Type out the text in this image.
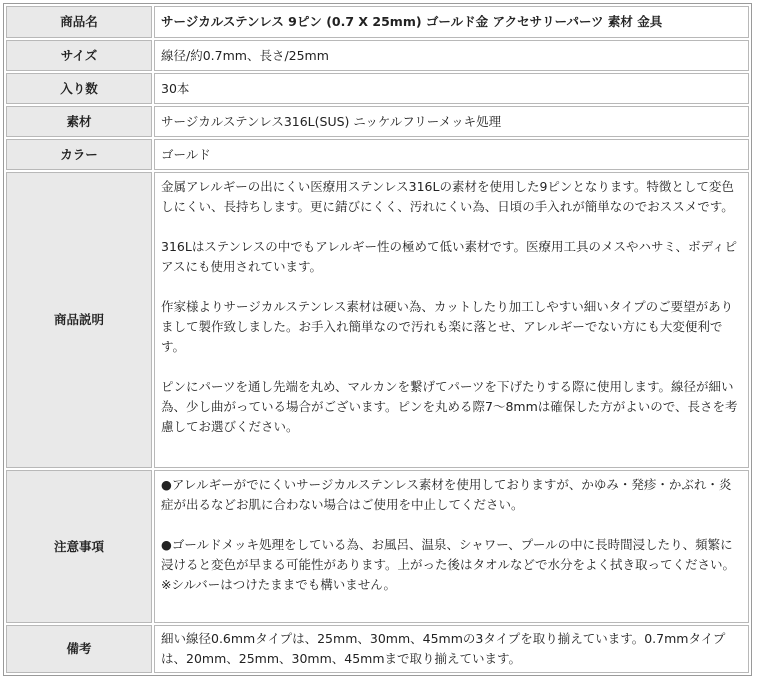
商品名	サージカルステンレス 9ピン (0.7 X 25mm) ゴールド金 アクセサリーパーツ 素材 金具
サイズ	線径/約0.7mm、長さ/25mm
入り数	30本
素材	サージカルステンレス316L(SUS) ニッケルフリーメッキ処理
カラー	ゴールド
商品説明	金属アレルギーの出にくい医療用ステンレス316Lの素材を使用した9ピンとなります。特徴として変色しにくい、長持ちします。更に錆びにくく、汚れにくい為、日頃の手入れが簡単なのでおススメです。

316Lはステンレスの中でもアレルギー性の極めて低い素材です。医療用工具のメスやハサミ、ボディピアスにも使用されています。

作家様よりサージカルステンレス素材は硬い為、カットしたり加工しやすい細いタイプのご要望がありまして製作致しました。お手入れ簡単なので汚れも楽に落とせ、アレルギーでない方にも大変便利です。

ピンにパーツを通し先端を丸め、マルカンを繋げてパーツを下げたりする際に使用します。線径が細い為、少し曲がっている場合がございます。ピンを丸める際7～8mmは確保した方がよいので、長さを考慮してお選びください。

注意事項	●アレルギーがでにくいサージカルステンレス素材を使用しておりますが、かゆみ・発疹・かぶれ・炎症が出るなどお肌に合わない場合はご使用を中止してください。

●ゴールドメッキ処理をしている為、お風呂、温泉、シャワー、プールの中に長時間浸したり、頻繁に浸けると変色が早まる可能性があります。上がった後はタオルなどで水分をよく拭き取ってください。※シルバーはつけたままでも構いません。

備考	細い線径0.6mmタイプは、25mm、30mm、45mmの3タイプを取り揃えています。0.7mmタイプは、20mm、25mm、30mm、45mmまで取り揃えています。
